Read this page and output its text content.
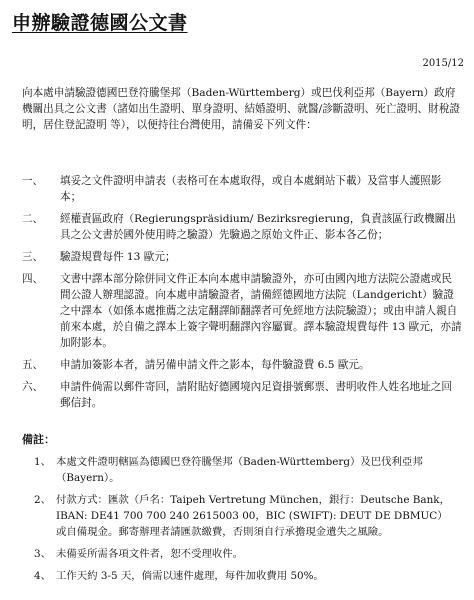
申辦驗證德國公文書
2015/12

向本處申請驗證德國巴登符騰堡邦（Baden-Württemberg）或巴伐利亞邦（Bayern）政府機關出具之公文書（諸如出生證明、單身證明、結婚證明、就醫/診斷證明、死亡證明、財稅證明，居住登記證明 等），以便持往台灣使用，請備妥下列文件：

一、 填妥之文件證明申請表（表格可在本處取得，或自本處網站下載）及當事人護照影本；
二、 經權責區政府（Regierungspräsidium/ Bezirksregierung，負責該區行政機關出具之公文書於國外使用時之驗證）先驗過之原始文件正、影本各乙份；
三、 驗證規費每件 13 歐元；
四、 文書中譯本部分除併同文件正本向本處申請驗證外，亦可由國內地方法院公證處或民間公證人辦理認證。向本處申請驗證者，請備經德國地方法院（Landgericht）驗證之中譯本（如係本處推薦之法定翻譯師翻譯者可免經地方法院驗證）；或由申請人親自前來本處，於自備之譯本上簽字聲明翻譯內容屬實。譯本驗證規費每件 13 歐元，亦請加附影本。
五、 申請加簽影本者，請另備申請文件之影本，每件驗證費 6.5 歐元。
六、 申請件倘需以郵件寄回，請附貼好德國境內足資掛號郵票、書明收件人姓名地址之回郵信封。
備註：
1、 本處文件證明轄區為德國巴登符騰堡邦（Baden-Württemberg）及巴伐利亞邦（Bayern）。
2、 付款方式：匯款（戶名：Taipeh Vertretung München，銀行：Deutsche Bank，IBAN: DE41 700 700 240 2615003 00，BIC (SWIFT): DEUT DE DBMUC）或自備現金。郵寄辦理者請匯款繳費，否則須自行承擔現金遺失之風險。
3、 未備妥所需各項文件者，恕不受理收件。
4、 工作天約 3-5 天，倘需以速件處理，每件加收費用 50%。
